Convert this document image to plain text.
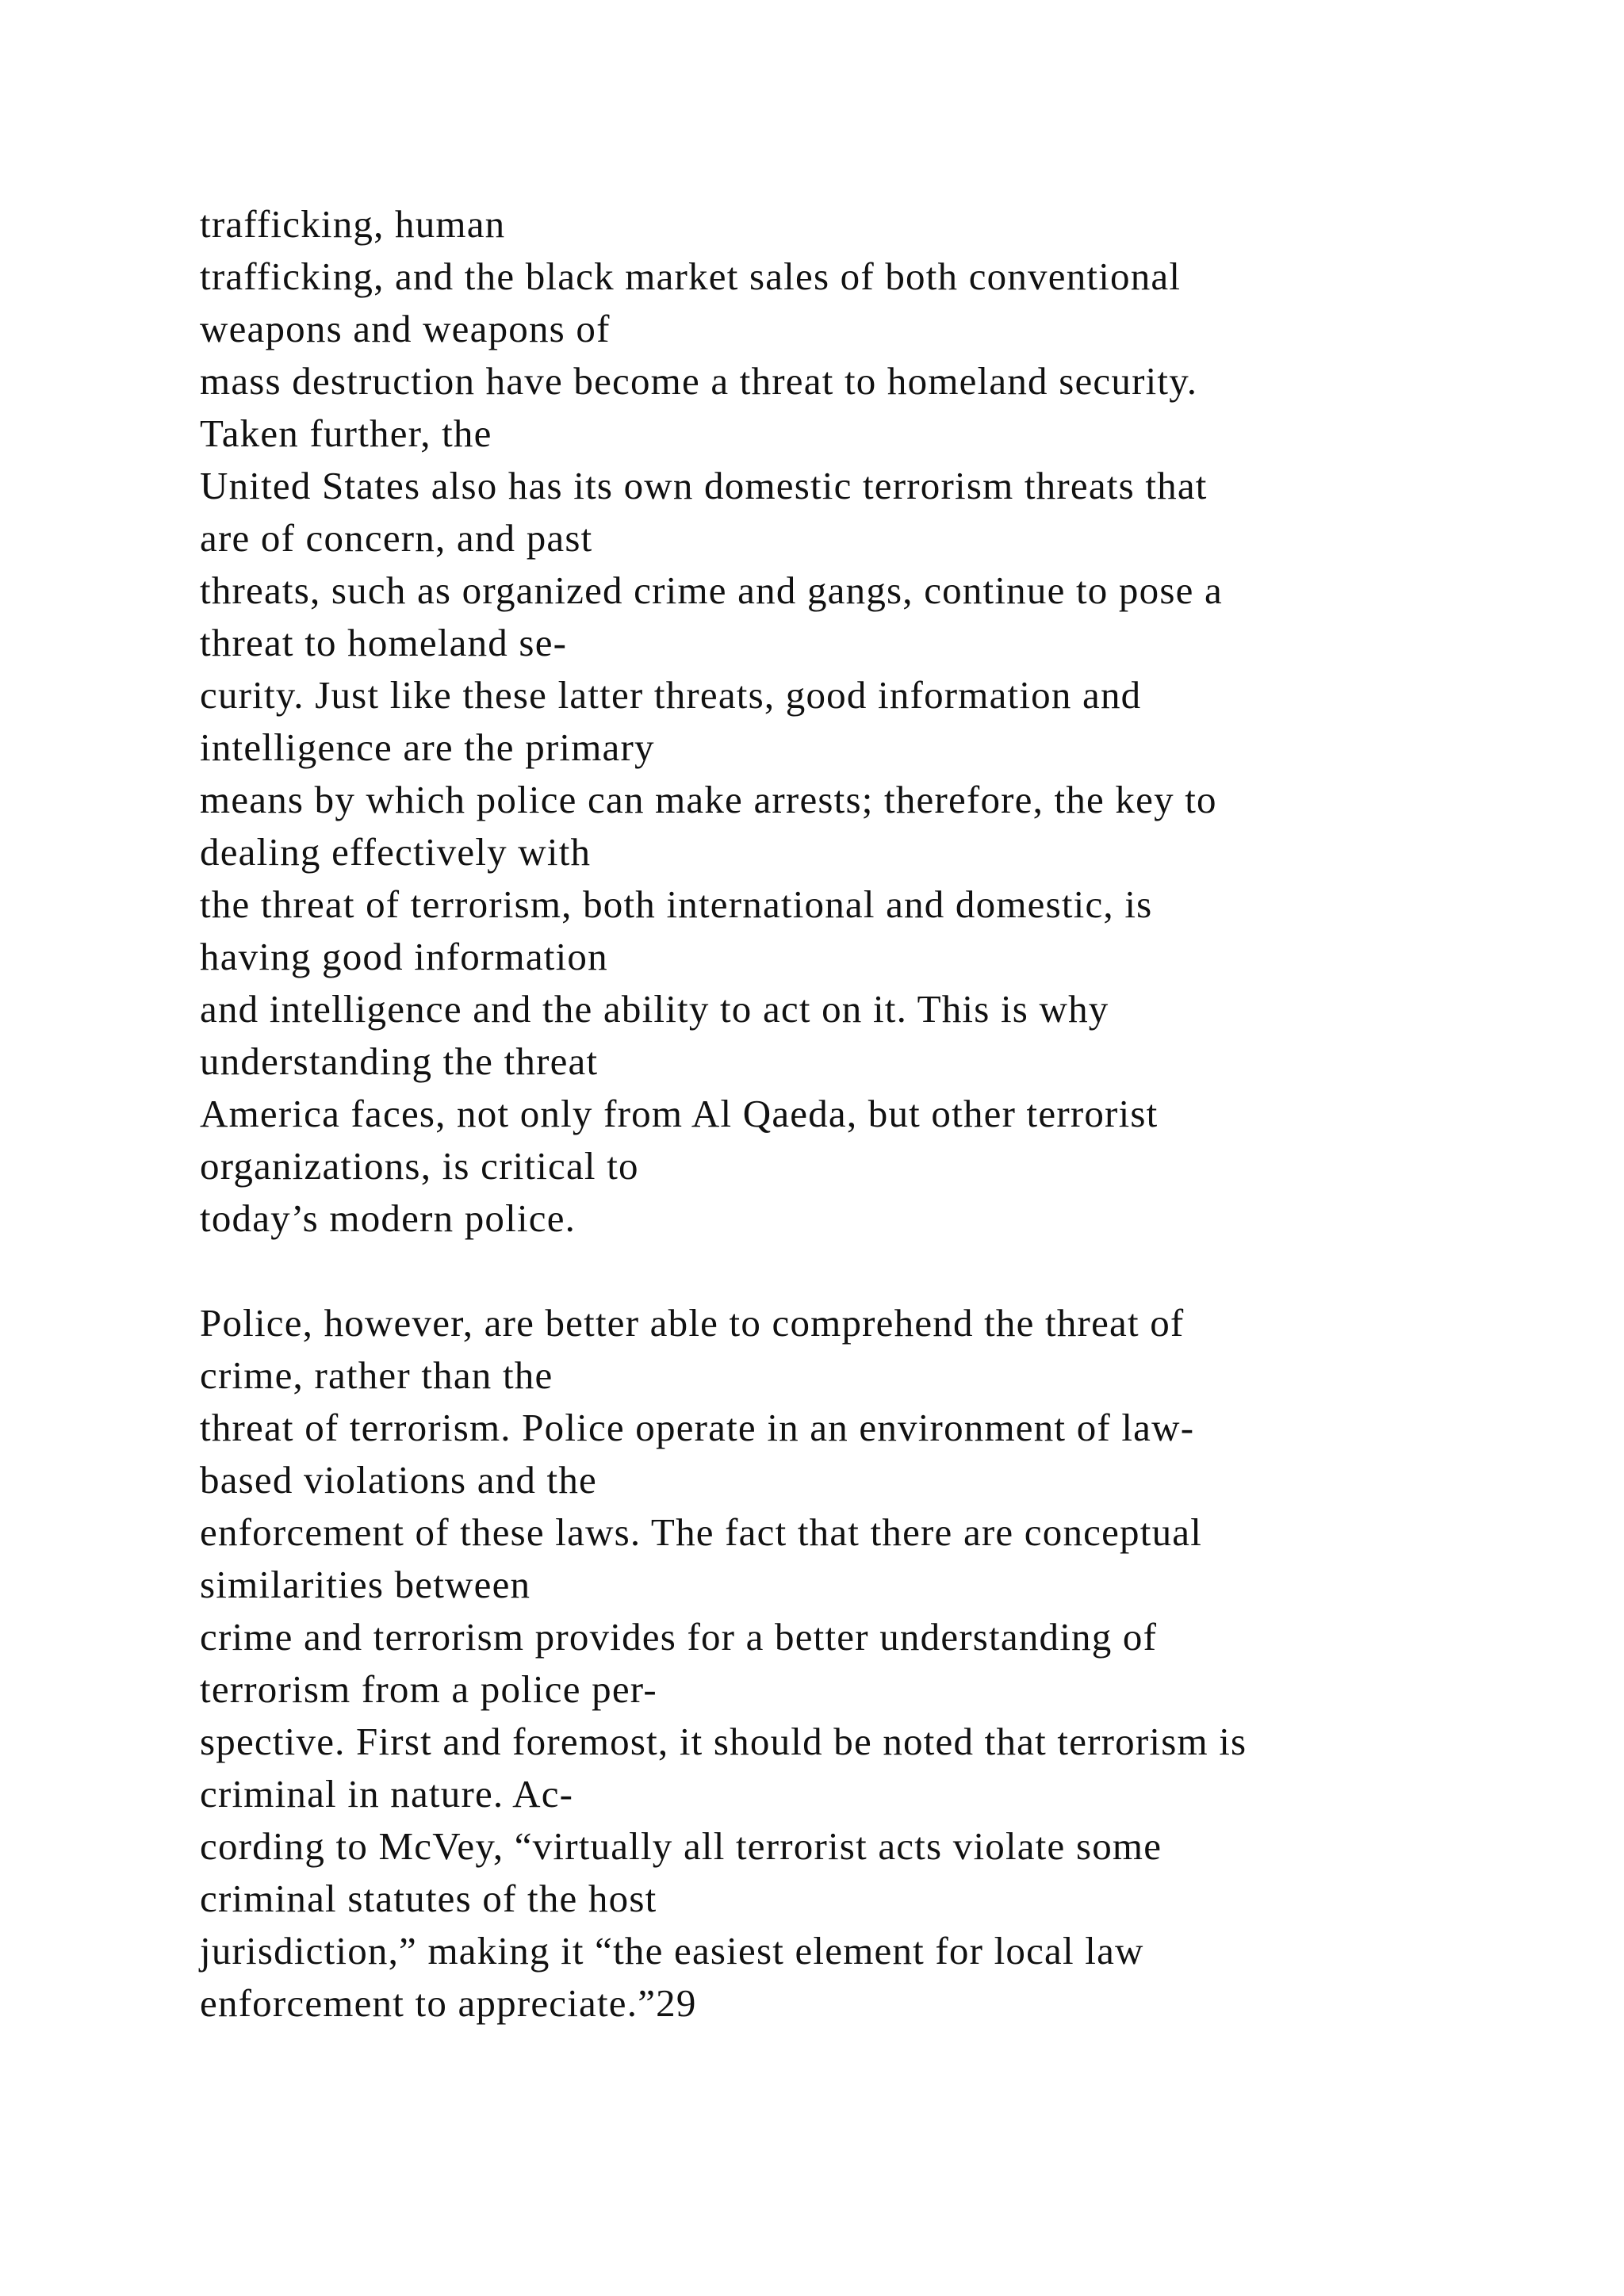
trafficking, human
trafficking, and the black market sales of both conventional
weapons and weapons of
mass destruction have become a threat to homeland security.
Taken further, the
United States also has its own domestic terrorism threats that
are of concern, and past
threats, such as organized crime and gangs, continue to pose a
threat to homeland se-
curity. Just like these latter threats, good information and
intelligence are the primary
means by which police can make arrests; therefore, the key to
dealing effectively with
the threat of terrorism, both international and domestic, is
having good information
and intelligence and the ability to act on it. This is why
understanding the threat
America faces, not only from Al Qaeda, but other terrorist
organizations, is critical to
today’s modern police.
Police, however, are better able to comprehend the threat of
crime, rather than the
threat of terrorism. Police operate in an environment of law-
based violations and the
enforcement of these laws. The fact that there are conceptual
similarities between
crime and terrorism provides for a better understanding of
terrorism from a police per-
spective. First and foremost, it should be noted that terrorism is
criminal in nature. Ac-
cording to McVey, “virtually all terrorist acts violate some
criminal statutes of the host
jurisdiction,” making it “the easiest element for local law
enforcement to appreciate.”29
